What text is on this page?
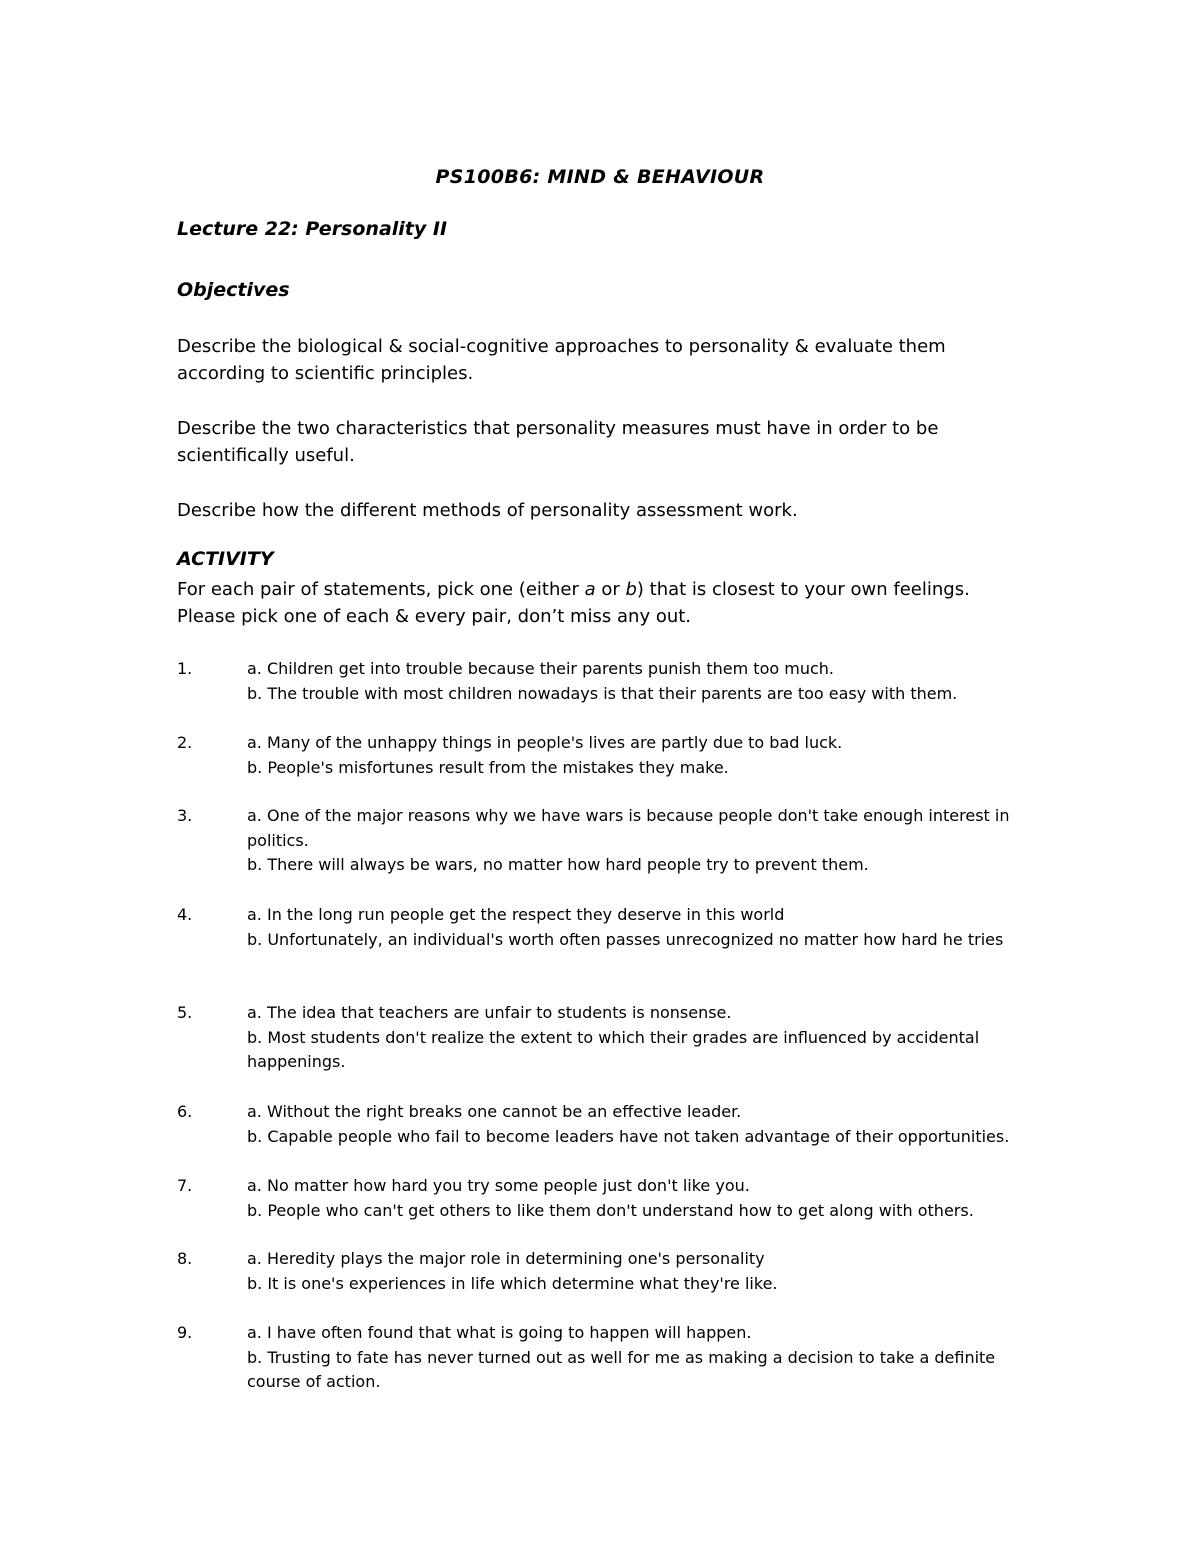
PS100B6: MIND & BEHAVIOUR
Lecture 22: Personality II
Objectives
Describe the biological & social-cognitive approaches to personality & evaluate them according to scientific principles.
Describe the two characteristics that personality measures must have in order to be scientifically useful.
Describe how the different methods of personality assessment work.
ACTIVITY
For each pair of statements, pick one (either a or b) that is closest to your own feelings.
Please pick one of each & every pair, don’t miss any out.
1.	a. Children get into trouble because their parents punish them too much.
b. The trouble with most children nowadays is that their parents are too easy with them.
2.	a. Many of the unhappy things in people's lives are partly due to bad luck.
b. People's misfortunes result from the mistakes they make.
3.	a. One of the major reasons why we have wars is because people don't take enough interest in politics.
b. There will always be wars, no matter how hard people try to prevent them.
4.	a. In the long run people get the respect they deserve in this world
b. Unfortunately, an individual's worth often passes unrecognized no matter how hard he tries
5.	a. The idea that teachers are unfair to students is nonsense.
b. Most students don't realize the extent to which their grades are influenced by accidental happenings.
6.	a. Without the right breaks one cannot be an effective leader.
b. Capable people who fail to become leaders have not taken advantage of their opportunities.
7.	a. No matter how hard you try some people just don't like you.
b. People who can't get others to like them don't understand how to get along with others.
8.	a. Heredity plays the major role in determining one's personality
b. It is one's experiences in life which determine what they're like.
9.	a. I have often found that what is going to happen will happen.
b. Trusting to fate has never turned out as well for me as making a decision to take a definite course of action.
